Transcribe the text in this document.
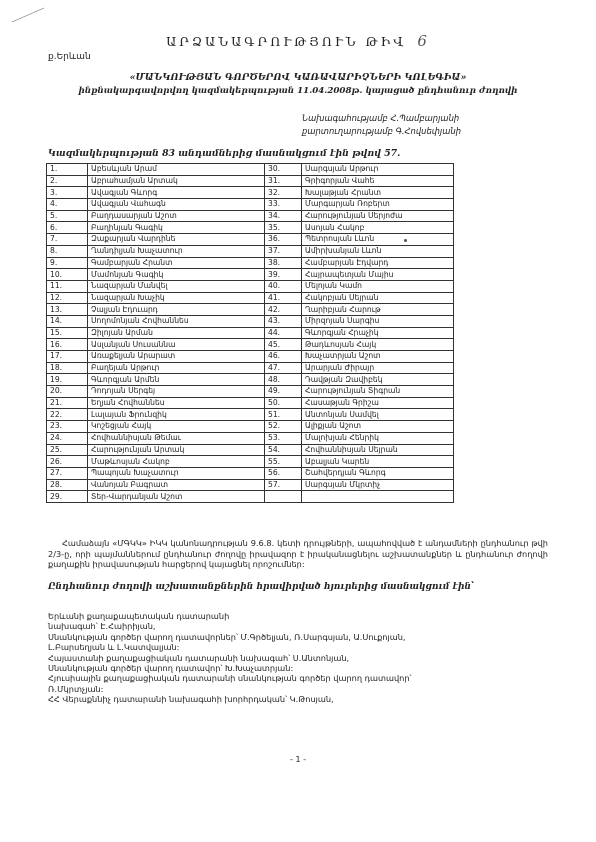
ԱՐՁԱՆԱԳՐՈՒԹՅՈՒՆ ԹԻՎ 6
ք.Երևան
«ՄԱՆԿՈՒԹՅԱՆ ԳՈՐԾԵՐՈՎ ԿԱՌԱՎԱՐԻՉՆԵՐԻ ԿՈԼԵԳԻԱ»
ինքնակարգավորվող կազմակերպության 11.04.2008թ. կայացած ընդհանուր ժողովի
Նախագահությամբ Հ.Պամբարյանի
քարտուղարությամբ Գ.Հովսեփյանի
Կազմակերպության 83 անդամներից մասնակցում էին թվով 57.
1.	Աբեսևյան Արամ	30.	Սարգսյան Արթուր
2.	Աբրահամյան Արտակ	31.	Գրիգորյան Վահե
3.	Ավագյան Գևորգ	32.	Խալաթյան Հրանտ
4.	Ավագյան Վահագն	33.	Մարգարյան Ռոբերտ
5.	Բաղդասարյան Աշոտ	34.	Հարությունյան Սերյոժա
6.	Բաղինյան Գագիկ	35.	Ասոյան Հակոբ
7.	Զաքարյան Վարդինե	36.	Պետրոսյան Լևոն
8.	Ղանդիլյան Խաչատուր	37.	Ամիրխանյան Լևոն
9.	Գամբարյան Հրանտ	38.	Համբարյան Էդվարդ
10.	Մամոնյան Գագիկ	39.	Հայրապետյան Մայիս
11.	Նազարյան Մանվել	40.	Մելոյան Կամո
12.	Նազարյան Խաչիկ	41.	Հակոբյան Սեյրան
13.	Չալյան Էդուարդ	42.	Ղարիբյան Հարութ
14.	Սողոմոնյան Հովհաննես	43.	Միրզոյան Սարգիս
15.	Զիլոյան Արման	44.	Գևորգյան Հրաչիկ
16.	Ասլանյան Սուսաննա	45.	Թադևոսյան Հայկ
17.	Առաքելյան Արարատ	46.	Խաչատրյան Աշոտ
18.	Բաղեյան Արթուր	47.	Արարյան Ժիրայր
19.	Գևորգյան Արմեն	48.	Դավթյան Զավիբեկ
20.	Դոդոյան Սերգեյ	49.	Հարությունյան Տիգրան
21.	Եղյան Հովհաննես	50.	Հասաթյան Գրիշա
22.	Լալայան Ֆրունզիկ	51.	Անտոնյան Սամվել
23.	Կոշեցյան Հայկ	52.	Ալիքյան Աշոտ
24.	Հովհաննիսյան Թեմաւ	53.	Մալոխյան Հենրիկ
25.	Հարությունյան Արտակ	54.	Հովհաննիսյան Սեյրան
26.	Մաթևոսյան Հակոբ	55.	Աբալյան Կարեն
27.	Պապոյան Խաչատուր	56.	Շահվերդյան Գևորգ
28.	Վանոյան Բագրատ	57.	Սարգսյան Մկրտիչ
29.	Տեր-Վարդանյան Աշոտ		
Համաձայն «ՄԳԿԿ» ԻԿԿ կանոնադրության 9.6.8. կետի դրույթների, ապահովված է անդամների ընդհանուր թվի 2/3-ը, որի պայմաններում ընդհանուր ժողովը իրավազոր է իրականացնելու աշխատանքներ և ընդհանուր ժողովի քաղաքին իրավասության հարցերով կայացնել որոշումներ:
Ընդհանուր ժողովի աշխատանքներին հրավիրված հյուրերից մասնակցում էին՝
Երևանի քաղաքապետական դատարանի
նախագահ՝ Է.Հաիրիյան,
Սնանկության գործեր վարող դատավորներ՝ Մ.Գրծելյան, Ռ.Սարգսյան, Ա.Սուքոյան,
Լ.Բարսեղյան և Լ.Կատվալյան:
Հայաստանի քաղաքացիական դատարանի նախագահ՝ Ս.Անտոնյան,
Սնանկության գործեր վարող դատավոր՝ Խ.Խաչատրյան:
Հյուսիսային քաղաքացիական դատարանի սնանկության գործեր վարող դատավոր՝
Ռ.Մկրտչյան:
ՀՀ Վերաքննիչ դատարանի նախագահի խորհրդական՝ Կ.Թոսյան,
- 1 -
